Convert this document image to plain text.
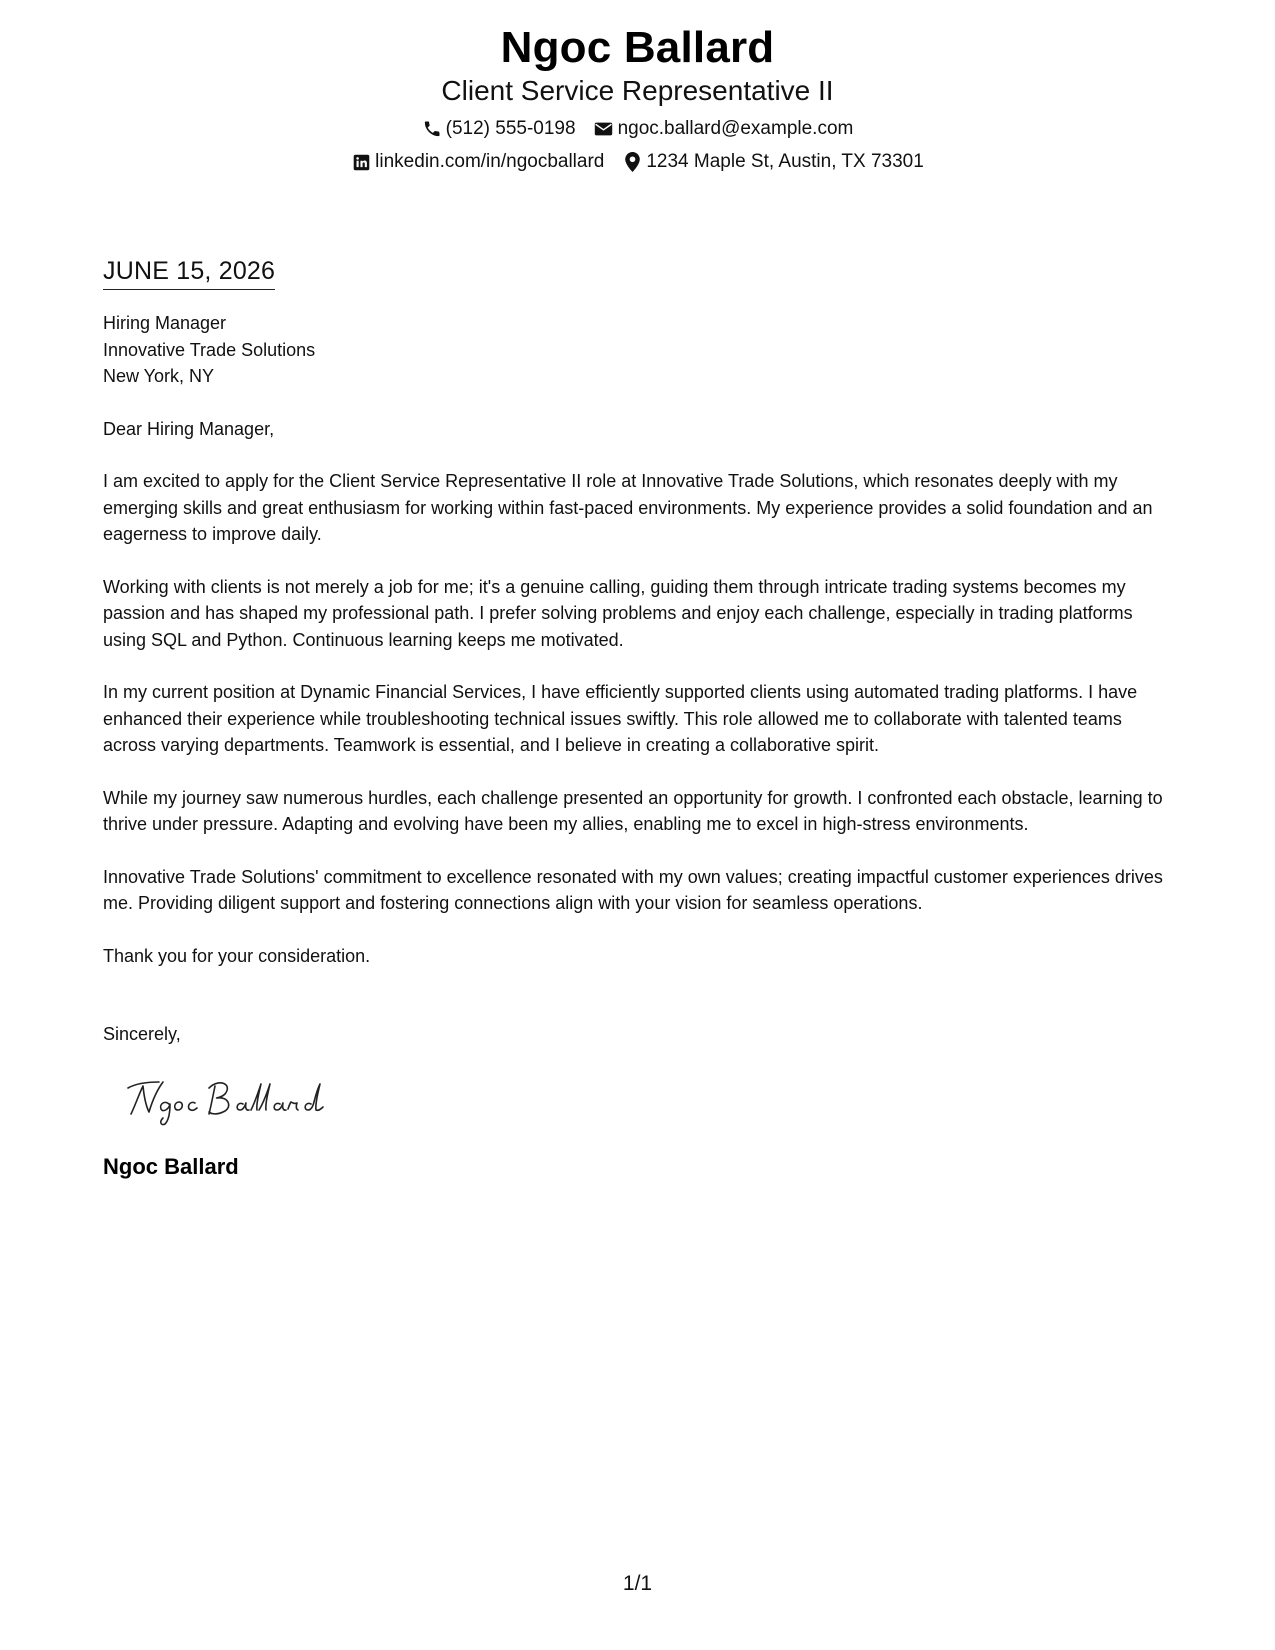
Ngoc Ballard
Client Service Representative II
(512) 555-0198 ngoc.ballard@example.com
linkedin.com/in/ngocballard 1234 Maple St, Austin, TX 73301
JUNE 15, 2026
Hiring Manager
Innovative Trade Solutions
New York, NY
Dear Hiring Manager,
I am excited to apply for the Client Service Representative II role at Innovative Trade Solutions, which resonates deeply with my emerging skills and great enthusiasm for working within fast-paced environments. My experience provides a solid foundation and an eagerness to improve daily.
Working with clients is not merely a job for me; it's a genuine calling, guiding them through intricate trading systems becomes my passion and has shaped my professional path. I prefer solving problems and enjoy each challenge, especially in trading platforms using SQL and Python. Continuous learning keeps me motivated.
In my current position at Dynamic Financial Services, I have efficiently supported clients using automated trading platforms. I have enhanced their experience while troubleshooting technical issues swiftly. This role allowed me to collaborate with talented teams across varying departments. Teamwork is essential, and I believe in creating a collaborative spirit.
While my journey saw numerous hurdles, each challenge presented an opportunity for growth. I confronted each obstacle, learning to thrive under pressure. Adapting and evolving have been my allies, enabling me to excel in high-stress environments.
Innovative Trade Solutions' commitment to excellence resonated with my own values; creating impactful customer experiences drives me. Providing diligent support and fostering connections align with your vision for seamless operations.
Thank you for your consideration.
Sincerely,
Ngoc Ballard
1/1
